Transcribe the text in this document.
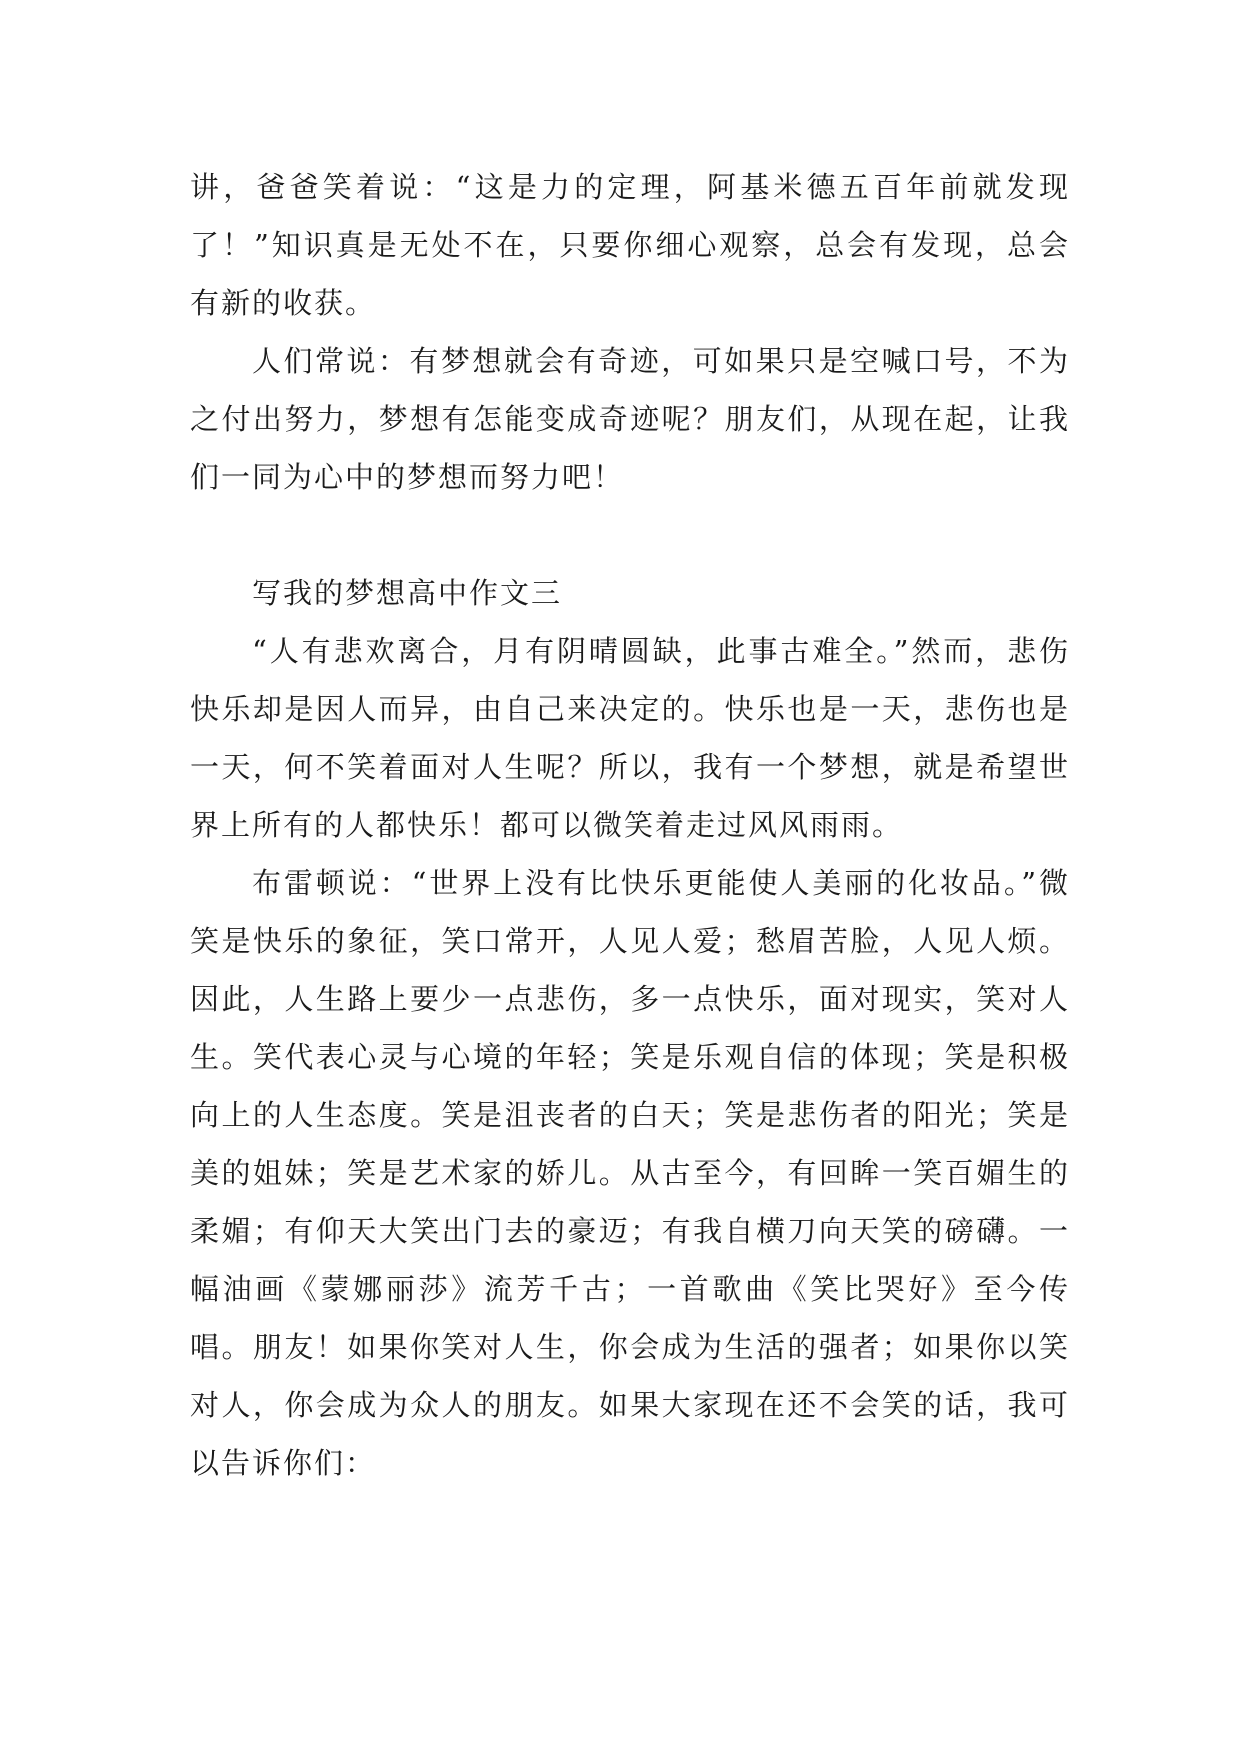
讲，爸爸笑着说：“这是力的定理，阿基米德五百年前就发现了！”知识真是无处不在，只要你细心观察，总会有发现，总会有新的收获。

人们常说：有梦想就会有奇迹，可如果只是空喊口号，不为之付出努力，梦想有怎能变成奇迹呢？朋友们，从现在起，让我们一同为心中的梦想而努力吧！

写我的梦想高中作文三

“人有悲欢离合，月有阴晴圆缺，此事古难全。”然而，悲伤快乐却是因人而异，由自己来决定的。快乐也是一天，悲伤也是一天，何不笑着面对人生呢？所以，我有一个梦想，就是希望世界上所有的人都快乐！都可以微笑着走过风风雨雨。

布雷顿说：“世界上没有比快乐更能使人美丽的化妆品。”微笑是快乐的象征，笑口常开，人见人爱；愁眉苦脸，人见人烦。因此，人生路上要少一点悲伤，多一点快乐，面对现实，笑对人生。笑代表心灵与心境的年轻；笑是乐观自信的体现；笑是积极向上的人生态度。笑是沮丧者的白天；笑是悲伤者的阳光；笑是美的姐妹；笑是艺术家的娇儿。从古至今，有回眸一笑百媚生的柔媚；有仰天大笑出门去的豪迈；有我自横刀向天笑的磅礴。一幅油画《蒙娜丽莎》流芳千古；一首歌曲《笑比哭好》至今传唱。朋友！如果你笑对人生，你会成为生活的强者；如果你以笑对人，你会成为众人的朋友。如果大家现在还不会笑的话，我可以告诉你们：
